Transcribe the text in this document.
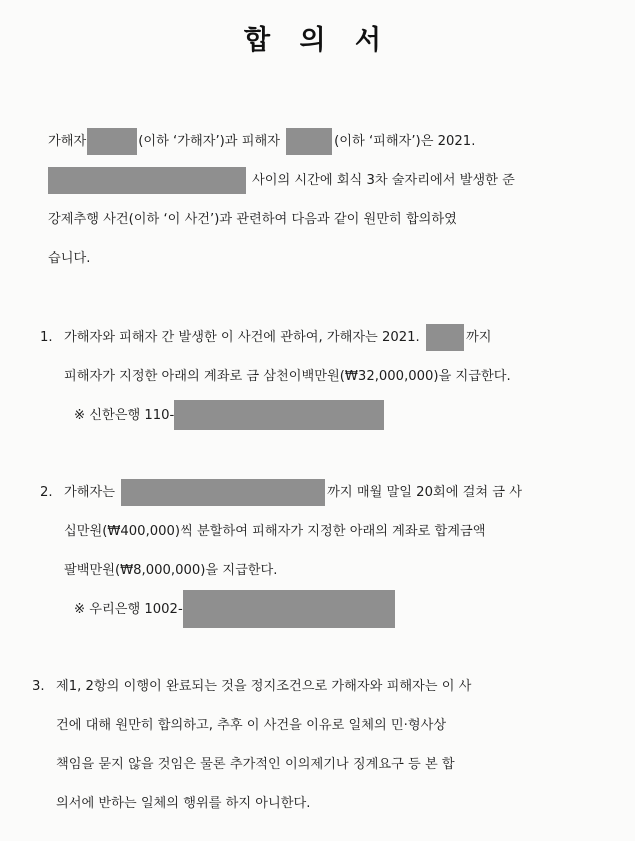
합 의 서
가해자	(이하 ‘가해자’)과 피해자	(이하 ‘피해자’)은 2021.
사이의 시간에 회식 3차 술자리에서 발생한 준
강제추행 사건(이하 ‘이 사건’)과 관련하여 다음과 같이 원만히 합의하였
습니다.
1. 가해자와 피해자 간 발생한 이 사건에 관하여, 가해자는 2021.	까지
피해자가 지정한 아래의 계좌로 금 삼천이백만원(₩32,000,000)을 지급한다.
※ 신한은행 110-
2. 가해자는	까지 매월 말일 20회에 걸쳐 금 사
십만원(₩400,000)씩 분할하여 피해자가 지정한 아래의 계좌로 합계금액
팔백만원(₩8,000,000)을 지급한다.
※ 우리은행 1002-
3. 제1, 2항의 이행이 완료되는 것을 정지조건으로 가해자와 피해자는 이 사
건에 대해 원만히 합의하고, 추후 이 사건을 이유로 일체의 민·형사상
책임을 묻지 않을 것임은 물론 추가적인 이의제기나 징계요구 등 본 합
의서에 반하는 일체의 행위를 하지 아니한다.
